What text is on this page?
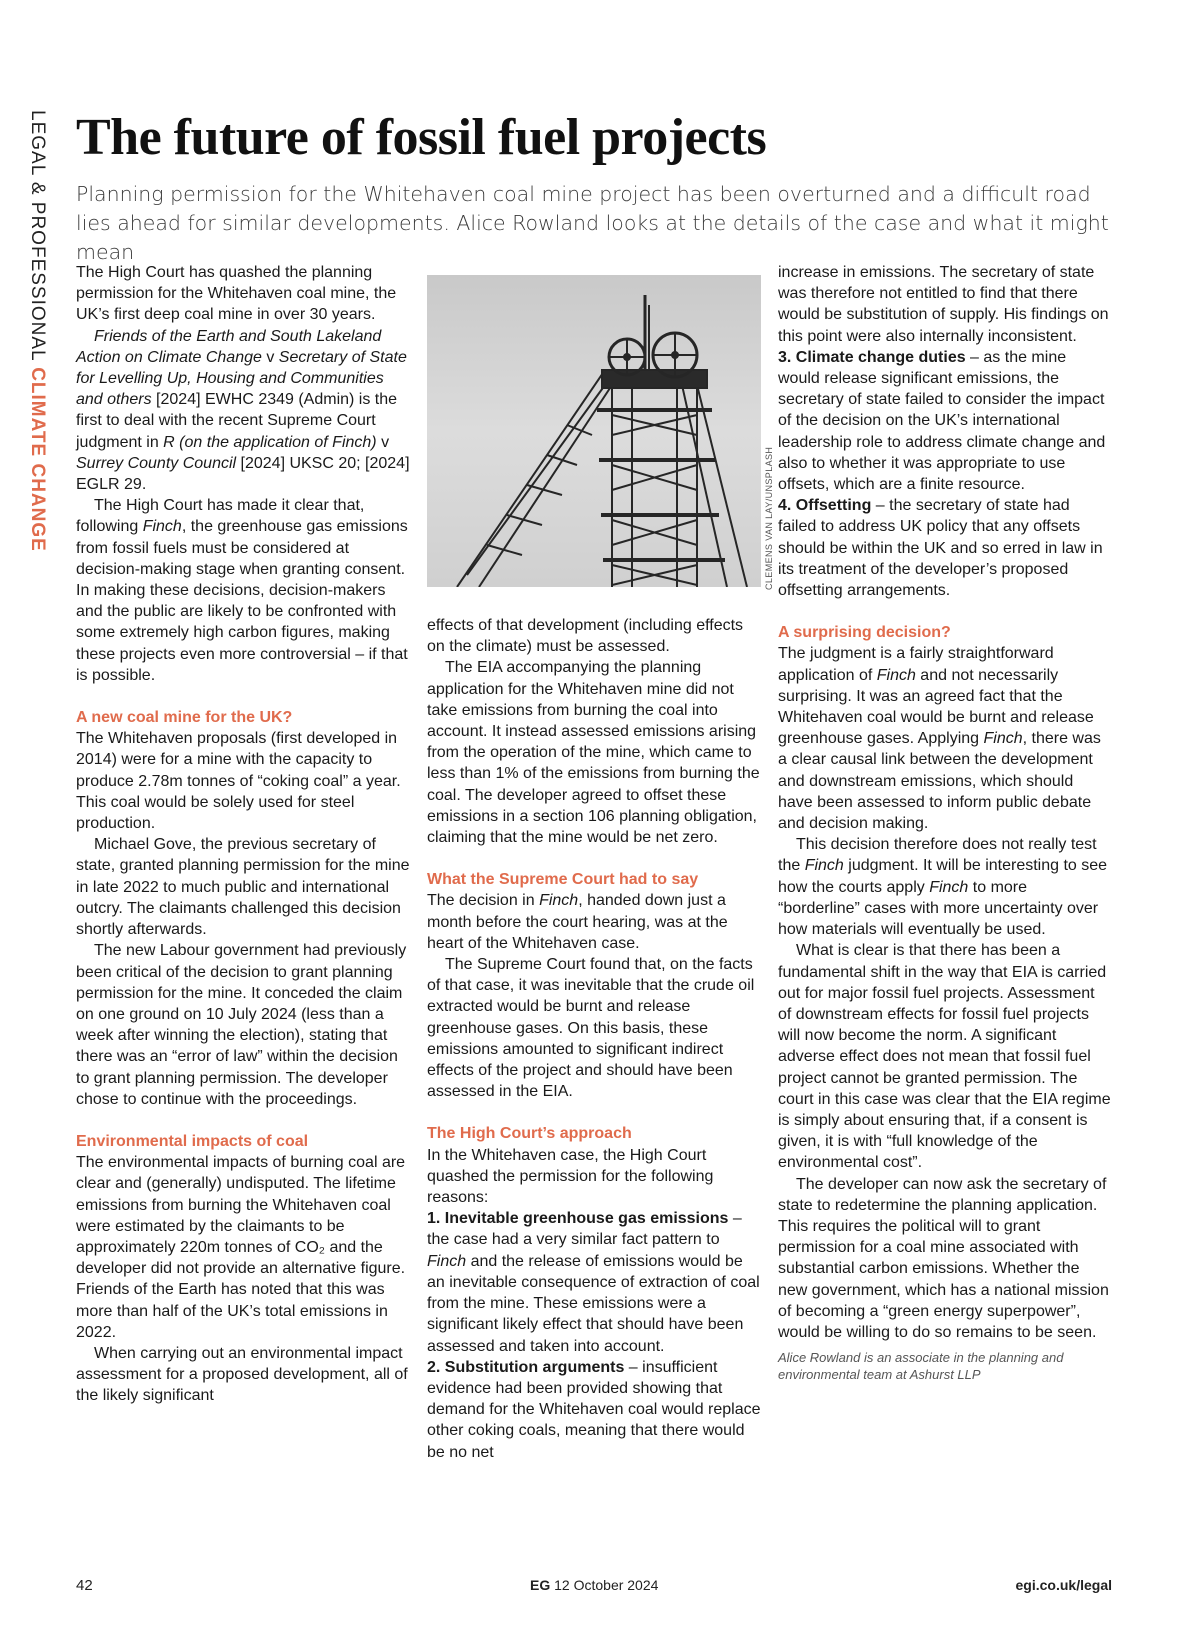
LEGAL & PROFESSIONAL CLIMATE CHANGE
The future of fossil fuel projects

Planning permission for the Whitehaven coal mine project has been overturned and a difficult road lies ahead for similar developments. Alice Rowland looks at the details of the case and what it might mean

The High Court has quashed the planning permission for the Whitehaven coal mine, the UK’s first deep coal mine in over 30 years.

Friends of the Earth and South Lakeland Action on Climate Change v Secretary of State for Levelling Up, Housing and Communities and others [2024] EWHC 2349 (Admin) is the first to deal with the recent Supreme Court judgment in R (on the application of Finch) v Surrey County Council [2024] UKSC 20; [2024] EGLR 29.

The High Court has made it clear that, following Finch, the greenhouse gas emissions from fossil fuels must be considered at decision-making stage when granting consent. In making these decisions, decision-makers and the public are likely to be confronted with some extremely high carbon figures, making these projects even more controversial – if that is possible.

A new coal mine for the UK?

The Whitehaven proposals (first developed in 2014) were for a mine with the capacity to produce 2.78m tonnes of “coking coal” a year. This coal would be solely used for steel production.

Michael Gove, the previous secretary of state, granted planning permission for the mine in late 2022 to much public and international outcry. The claimants challenged this decision shortly afterwards.

The new Labour government had previously been critical of the decision to grant planning permission for the mine. It conceded the claim on one ground on 10 July 2024 (less than a week after winning the election), stating that there was an “error of law” within the decision to grant planning permission. The developer chose to continue with the proceedings.

Environmental impacts of coal

The environmental impacts of burning coal are clear and (generally) undisputed. The lifetime emissions from burning the Whitehaven coal were estimated by the claimants to be approximately 220m tonnes of CO₂ and the developer did not provide an alternative figure. Friends of the Earth has noted that this was more than half of the UK’s total emissions in 2022.

When carrying out an environmental impact assessment for a proposed development, all of the likely significant

CLEMENS VAN LAY/UNSPLASH

effects of that development (including effects on the climate) must be assessed.

The EIA accompanying the planning application for the Whitehaven mine did not take emissions from burning the coal into account. It instead assessed emissions arising from the operation of the mine, which came to less than 1% of the emissions from burning the coal. The developer agreed to offset these emissions in a section 106 planning obligation, claiming that the mine would be net zero.

What the Supreme Court had to say

The decision in Finch, handed down just a month before the court hearing, was at the heart of the Whitehaven case.

The Supreme Court found that, on the facts of that case, it was inevitable that the crude oil extracted would be burnt and release greenhouse gases. On this basis, these emissions amounted to significant indirect effects of the project and should have been assessed in the EIA.

The High Court’s approach

In the Whitehaven case, the High Court quashed the permission for the following reasons:

1. Inevitable greenhouse gas emissions – the case had a very similar fact pattern to Finch and the release of emissions would be an inevitable consequence of extraction of coal from the mine. These emissions were a significant likely effect that should have been assessed and taken into account.

2. Substitution arguments – insufficient evidence had been provided showing that demand for the Whitehaven coal would replace other coking coals, meaning that there would be no net

increase in emissions. The secretary of state was therefore not entitled to find that there would be substitution of supply. His findings on this point were also internally inconsistent.

3. Climate change duties – as the mine would release significant emissions, the secretary of state failed to consider the impact of the decision on the UK’s international leadership role to address climate change and also to whether it was appropriate to use offsets, which are a finite resource.

4. Offsetting – the secretary of state had failed to address UK policy that any offsets should be within the UK and so erred in law in its treatment of the developer’s proposed offsetting arrangements.

A surprising decision?

The judgment is a fairly straightforward application of Finch and not necessarily surprising. It was an agreed fact that the Whitehaven coal would be burnt and release greenhouse gases. Applying Finch, there was a clear causal link between the development and downstream emissions, which should have been assessed to inform public debate and decision making.

This decision therefore does not really test the Finch judgment. It will be interesting to see how the courts apply Finch to more “borderline” cases with more uncertainty over how materials will eventually be used.

What is clear is that there has been a fundamental shift in the way that EIA is carried out for major fossil fuel projects. Assessment of downstream effects for fossil fuel projects will now become the norm. A significant adverse effect does not mean that fossil fuel project cannot be granted permission. The court in this case was clear that the EIA regime is simply about ensuring that, if a consent is given, it is with “full knowledge of the environmental cost”.

The developer can now ask the secretary of state to redetermine the planning application. This requires the political will to grant permission for a coal mine associated with substantial carbon emissions. Whether the new government, which has a national mission of becoming a “green energy superpower”, would be willing to do so remains to be seen.

Alice Rowland is an associate in the planning and environmental team at Ashurst LLP

42	EG 12 October 2024	egi.co.uk/legal
